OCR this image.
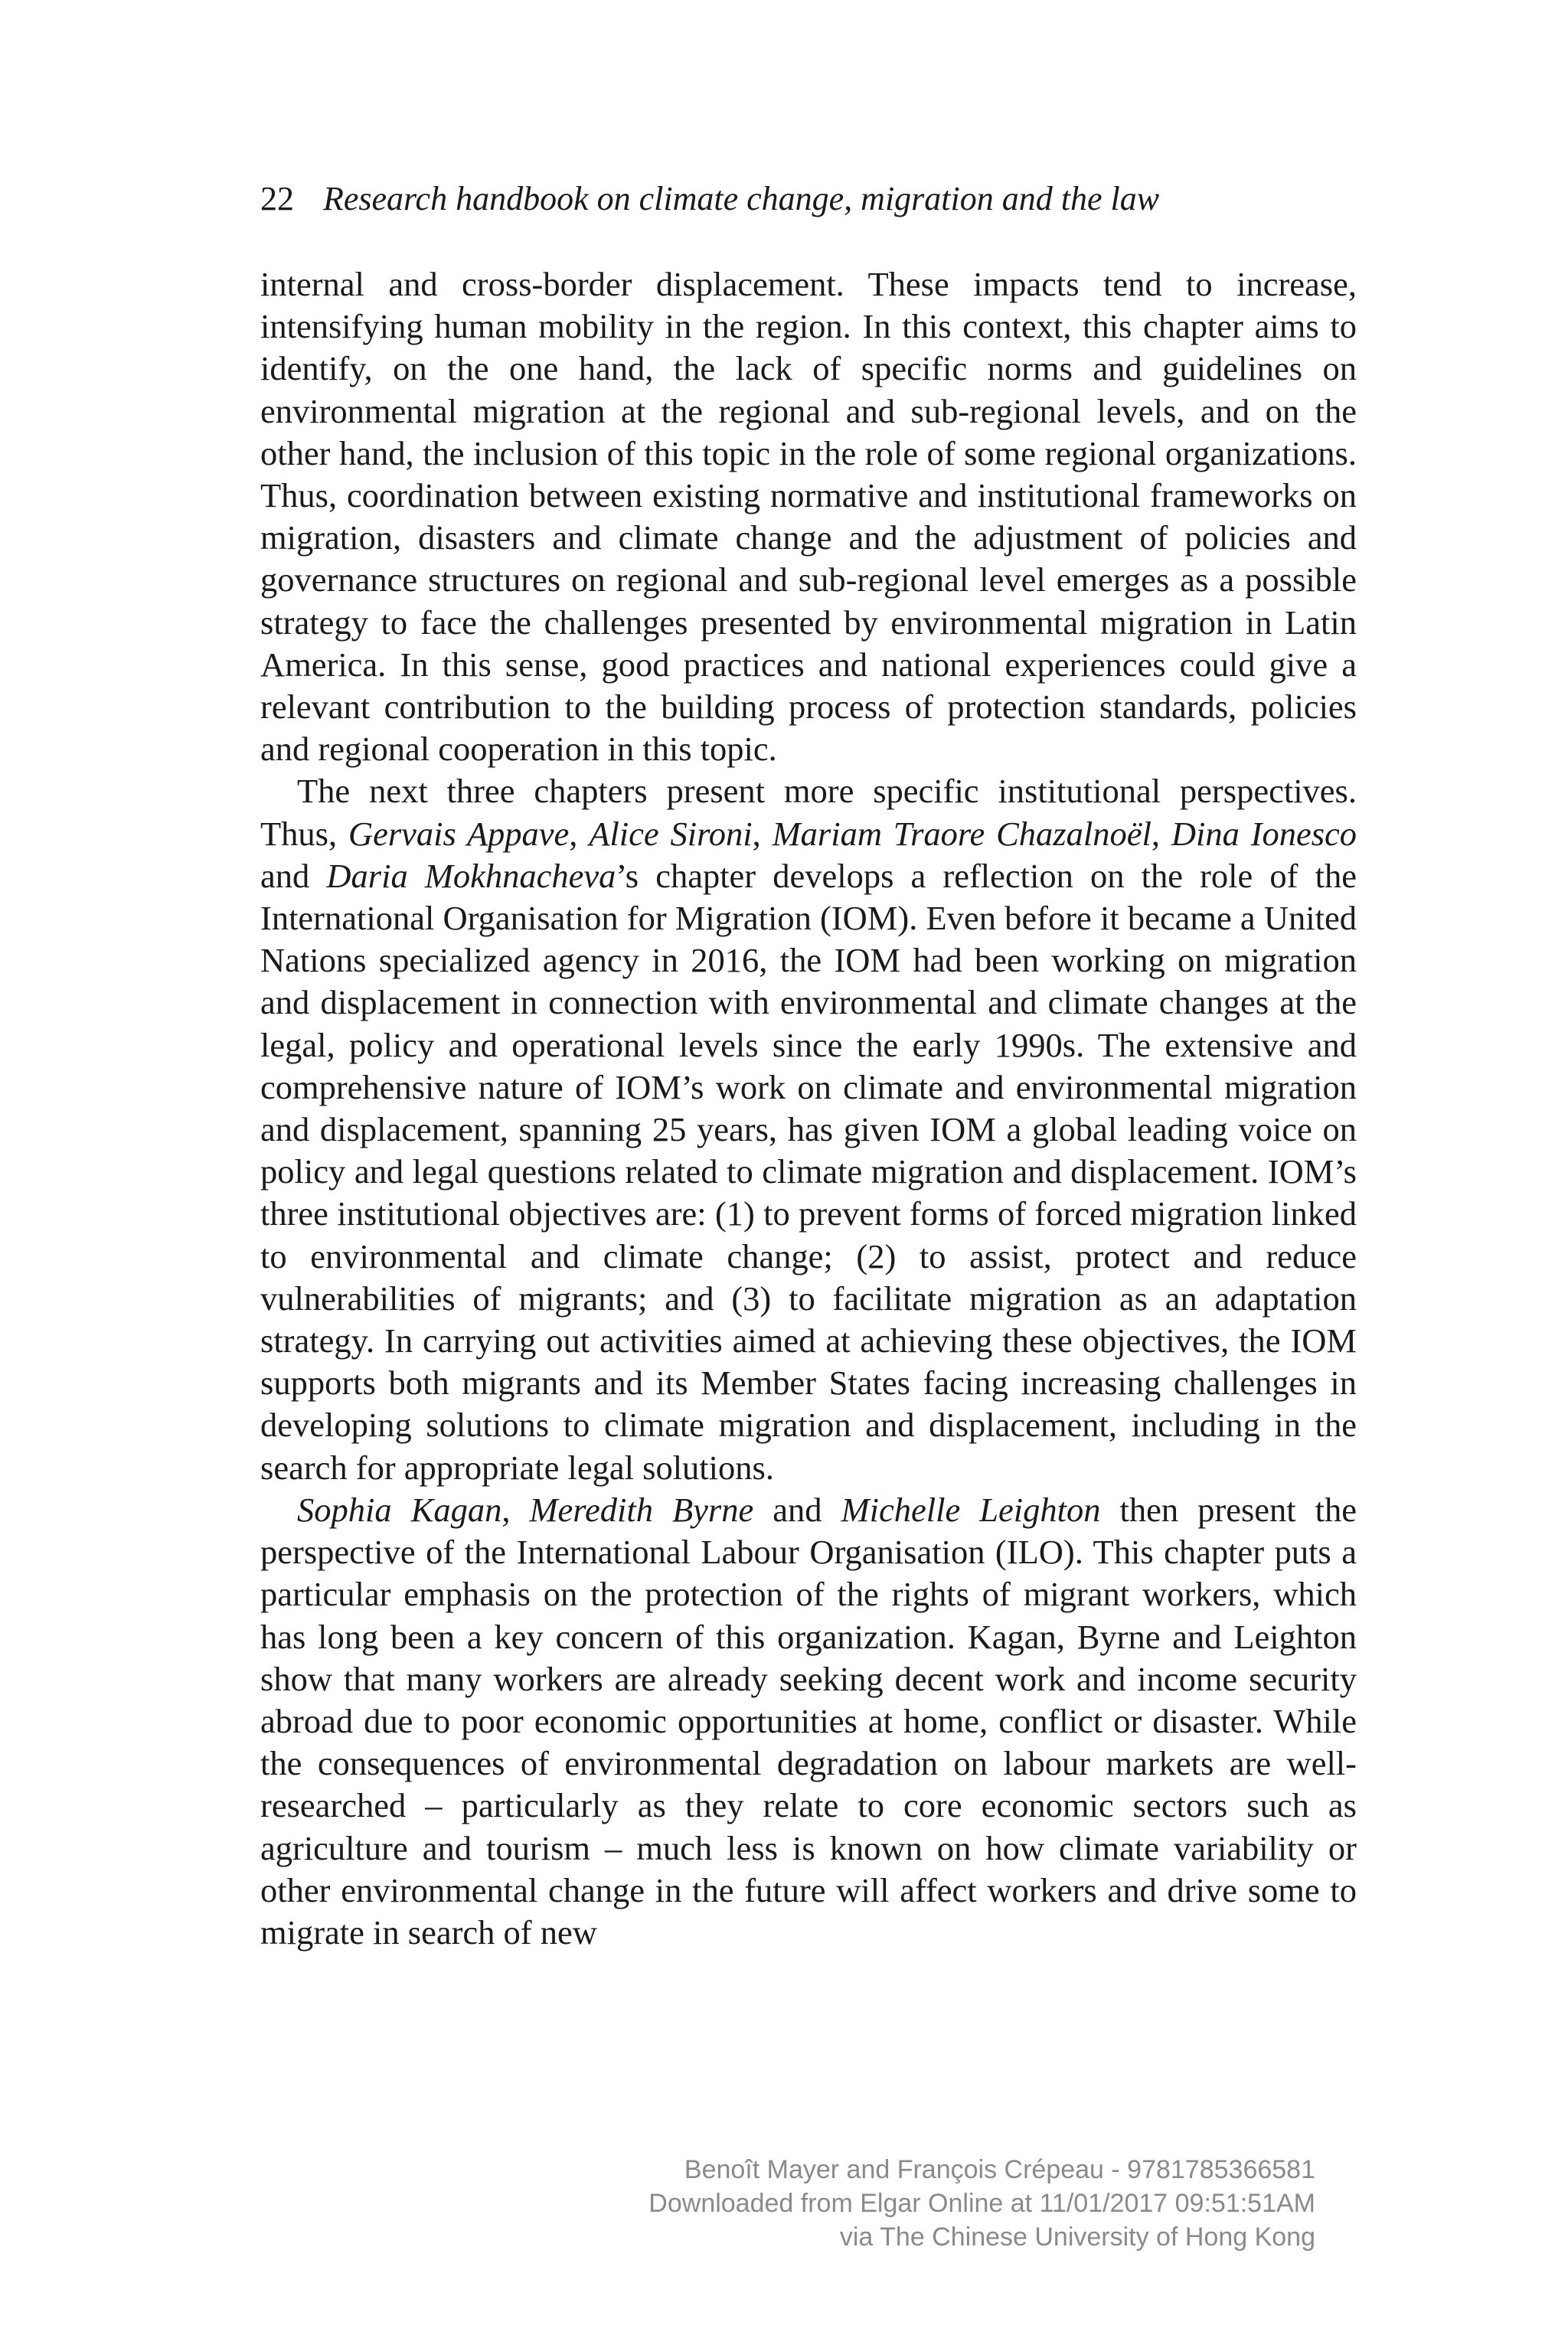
22 Research handbook on climate change, migration and the law

internal and cross-border displacement. These impacts tend to increase, intensifying human mobility in the region. In this context, this chapter aims to identify, on the one hand, the lack of specific norms and guidelines on environmental migration at the regional and sub-regional levels, and on the other hand, the inclusion of this topic in the role of some regional organizations. Thus, coordination between existing normative and institutional frameworks on migration, disasters and climate change and the adjustment of policies and governance structures on regional and sub-regional level emerges as a possible strategy to face the challenges presented by environmental migration in Latin America. In this sense, good practices and national experiences could give a relevant contribution to the building process of protection standards, policies and regional cooperation in this topic.

The next three chapters present more specific institutional perspectives. Thus, Gervais Appave, Alice Sironi, Mariam Traore Chazalnoël, Dina Ionesco and Daria Mokhnacheva’s chapter develops a reflection on the role of the International Organisation for Migration (IOM). Even before it became a United Nations specialized agency in 2016, the IOM had been working on migration and displacement in connection with environmental and climate changes at the legal, policy and operational levels since the early 1990s. The extensive and comprehensive nature of IOM’s work on climate and environmental migration and displacement, spanning 25 years, has given IOM a global leading voice on policy and legal questions related to climate migration and displacement. IOM’s three institutional objectives are: (1) to prevent forms of forced migration linked to environmental and climate change; (2) to assist, protect and reduce vulnerabilities of migrants; and (3) to facilitate migration as an adaptation strategy. In carrying out activities aimed at achieving these objectives, the IOM supports both migrants and its Member States facing increasing challenges in developing solutions to climate migration and displacement, including in the search for appropriate legal solutions.

Sophia Kagan, Meredith Byrne and Michelle Leighton then present the perspective of the International Labour Organisation (ILO). This chapter puts a particular emphasis on the protection of the rights of migrant workers, which has long been a key concern of this organization. Kagan, Byrne and Leighton show that many workers are already seeking decent work and income security abroad due to poor economic opportunities at home, conflict or disaster. While the consequences of environmental degradation on labour markets are well-researched – particularly as they relate to core economic sectors such as agriculture and tourism – much less is known on how climate variability or other environmental change in the future will affect workers and drive some to migrate in search of new

Benoît Mayer and François Crépeau - 9781785366581
Downloaded from Elgar Online at 11/01/2017 09:51:51AM
via The Chinese University of Hong Kong
